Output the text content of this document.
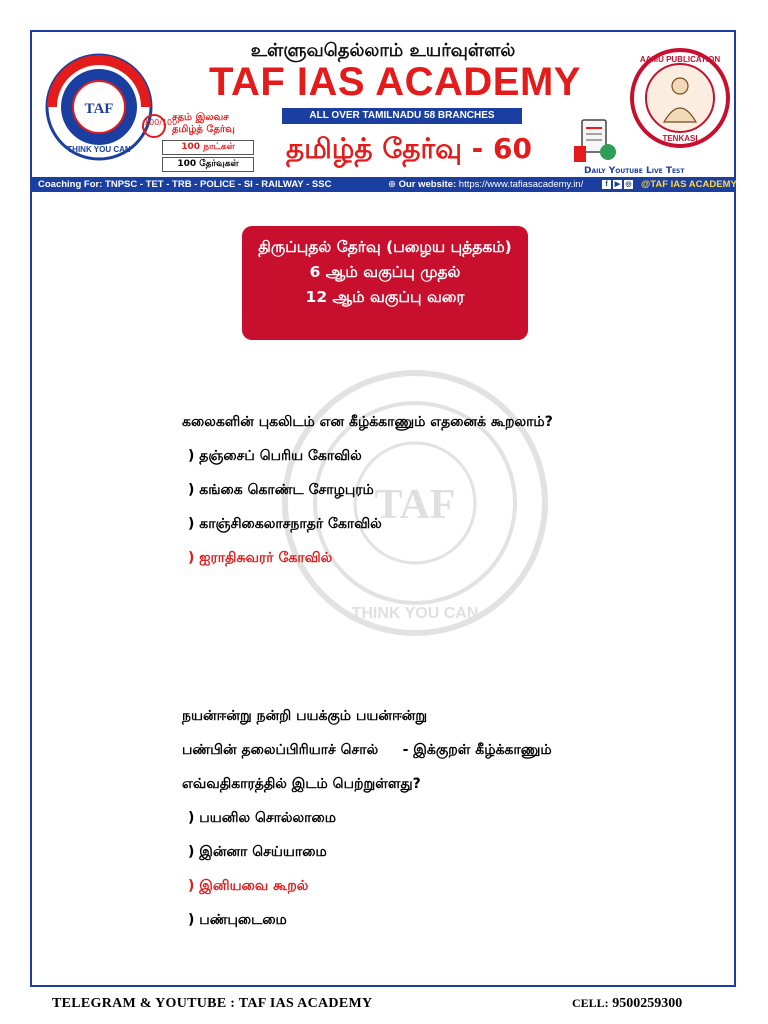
உள்ளுவதெல்லாம் உயர்வுள்ளல்
TAF
THINK YOU CAN
TAF IAS ACADEMY
ALL OVER TAMILNADU 58 BRANCHES
100/100
சதம் இலவச
தமிழ்த் தேர்வு
100 நாட்கள்
100 தேர்வுகள்	தமிழ்த் தேர்வு - 60
Daily Youtube Live Test
AAMU PUBLICATION
TENKASI
Coaching For: TNPSC - TET - TRB - POLICE - SI - RAILWAY - SSC	⊕ Our website: https://www.tafiasacademy.in/	f ▶ ◎ @TAF IAS ACADEMY
திருப்புதல் தேர்வு (பழைய புத்தகம்)
6 ஆம் வகுப்பு முதல்
12 ஆம் வகுப்பு வரை
TAF
THINK YOU CAN
கலைகளின் புகலிடம் என கீழ்க்காணும் எதனைக் கூறலாம்?
) தஞ்சைப் பெரிய கோவில்
) கங்கை கொண்ட சோழபுரம்
) காஞ்சிகைலாசநாதர் கோவில்
) ஐராதிசுவரர் கோவில்
நயன்ஈன்று நன்றி பயக்கும் பயன்ஈன்று
பண்பின் தலைப்பிரியாச் சொல்     - இக்குறள் கீழ்க்காணும்
எவ்வதிகாரத்தில் இடம் பெற்றுள்ளது?
) பயனில சொல்லாமை
) இன்னா செய்யாமை
) இனியவை கூறல்
) பண்புடைமை
TELEGRAM & YOUTUBE : TAF IAS ACADEMY	CELL: 9500259300
